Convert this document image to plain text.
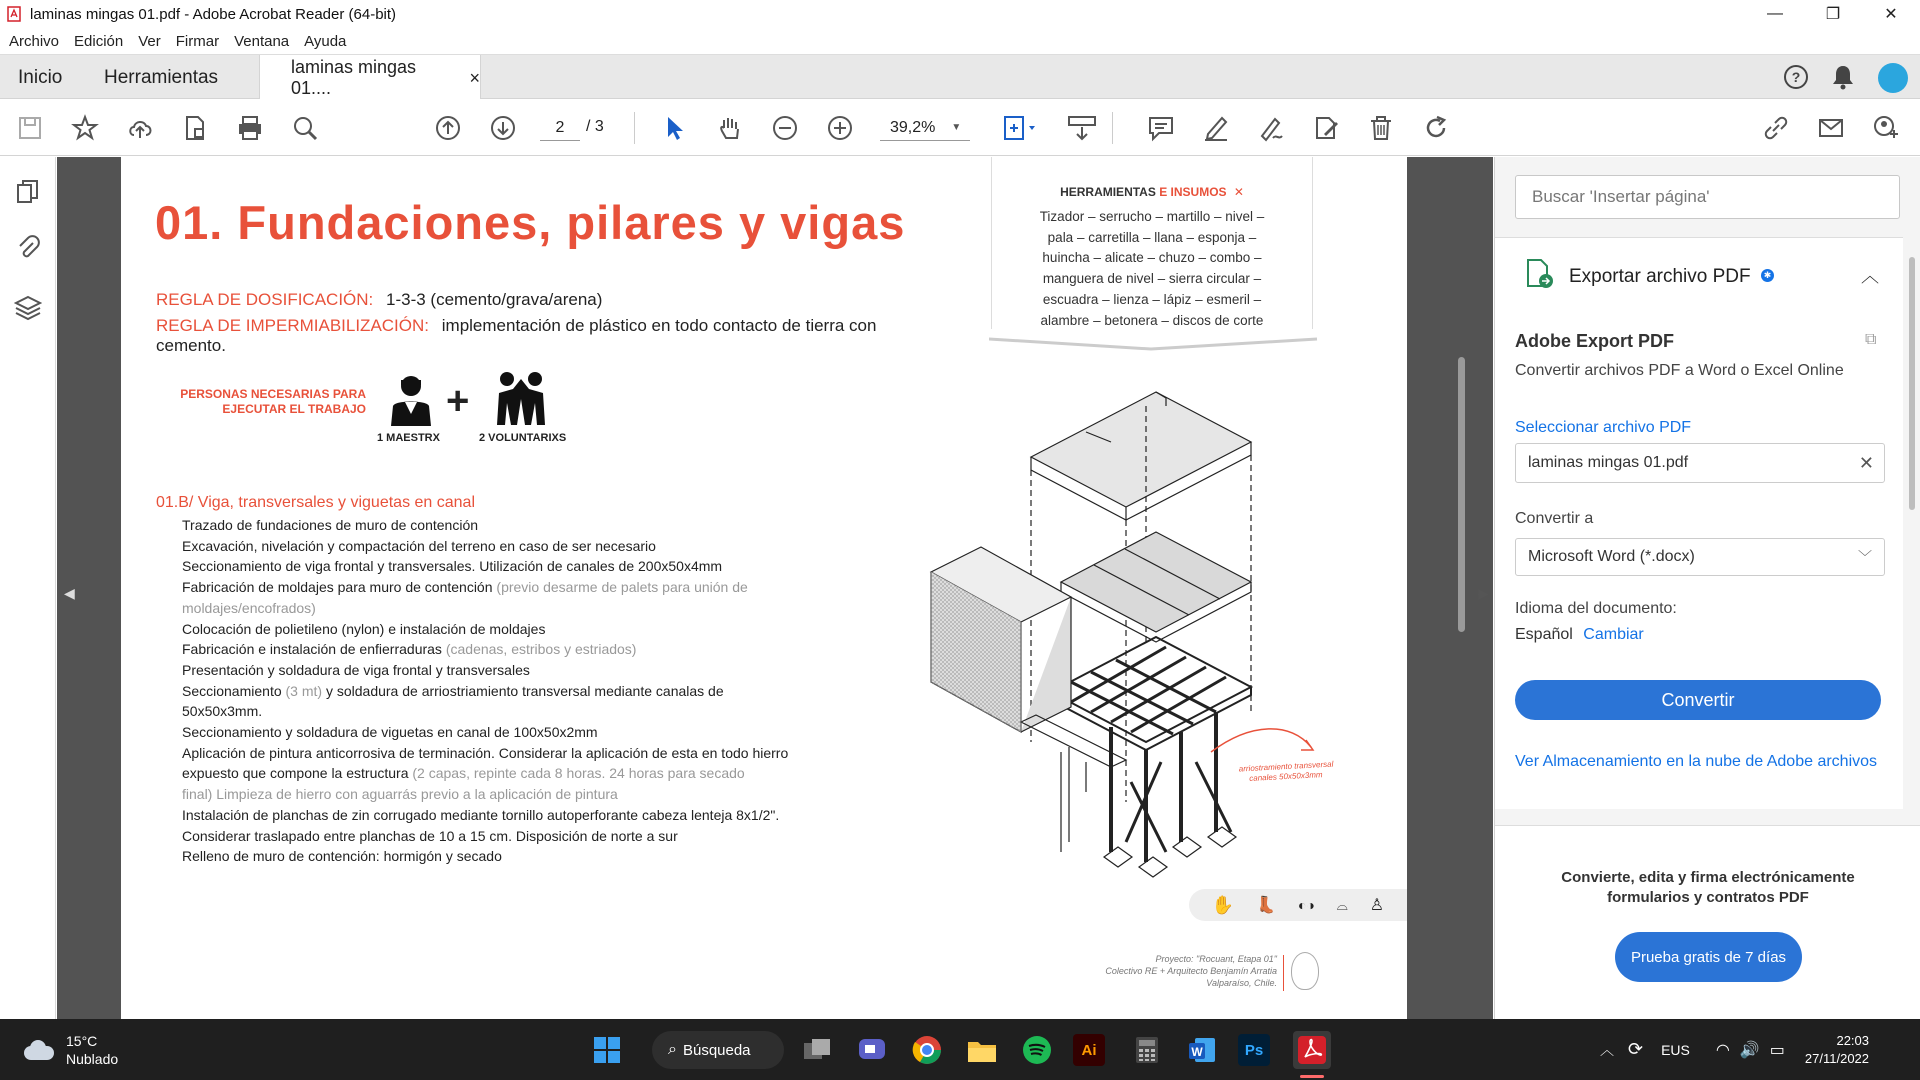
laminas mingas 01.pdf - Adobe Acrobat Reader (64-bit)	—	❐	✕
Archivo Edición Ver Firmar Ventana Ayuda
Inicio Herramientas	laminas mingas 01....
×	?
2	/ 3	39,2% ▼
◀
01. Fundaciones, pilares y vigas
REGLA DE DOSIFICACIÓN: 1-3-3 (cemento/grava/arena)
REGLA DE IMPERMIABILIZACIÓN: implementación de plástico en todo contacto de tierra con
cemento.
PERSONAS NECESARIAS PARA
EJECUTAR EL TRABAJO +
1 MAESTRX	2 VOLUNTARIXS
01.B/ Viga, transversales y viguetas en canal
Trazado de fundaciones de muro de contención
Excavación, nivelación y compactación del terreno en caso de ser necesario
Seccionamiento de viga frontal y transversales. Utilización de canales de 200x50x4mm
Fabricación de moldajes para muro de contención (previo desarme de palets para unión de
moldajes/encofrados)
Colocación de polietileno (nylon) e instalación de moldajes
Fabricación e instalación de enfierraduras (cadenas, estribos y estriados)
Presentación y soldadura de viga frontal y transversales
Seccionamiento (3 mt) y soldadura de arriostriamiento transversal mediante canalas de
50x50x3mm.
Seccionamiento y soldadura de viguetas en canal de 100x50x2mm
Aplicación de pintura anticorrosiva de terminación. Considerar la aplicación de esta en todo hierro
expuesto que compone la estructura (2 capas, repinte cada 8 horas. 24 horas para secado
final) Limpieza de hierro con aguarrás previo a la aplicación de pintura
Instalación de planchas de zin corrugado mediante tornillo autoperforante cabeza lenteja 8x1/2".
Considerar traslapado entre planchas de 10 a 15 cm. Disposición de norte a sur
Relleno de muro de contención: hormigón y secado
HERRAMIENTAS E INSUMOS ✕
Tizador – serrucho – martillo – nivel –
pala – carretilla – llana – esponja –
huincha – alicate – chuzo – combo –
manguera de nivel – sierra circular –
escuadra – lienza – lápiz – esmeril –
alambre – betonera – discos de corte
arriostramiento transversal
canales 50x50x3mm
✋ 👢 ◐◑ ⌓ ♙
Proyecto: "Rocuant, Etapa 01"
Colectivo RE + Arquitecto Benjamín Arratia
Valparaíso, Chile.
▶
Buscar 'Insertar página'
Exportar archivo PDF	✱	︿
Adobe Export PDF	⧉
Convertir archivos PDF a Word o Excel Online
Seleccionar archivo PDF
laminas mingas 01.pdf	✕
Convertir a
Microsoft Word (*.docx)	﹀
Idioma del documento:
Español Cambiar
Convertir
Ver Almacenamiento en la nube de Adobe archivos
Convierte, edita y firma electrónicamente
formularios y contratos PDF
Prueba gratis de 7 días
15°C
Nublado
⌕ Búsqueda	Ai	W	Ps	︿ ⟳ EUS ◠ 🔊 ▭
22:03
27/11/2022
